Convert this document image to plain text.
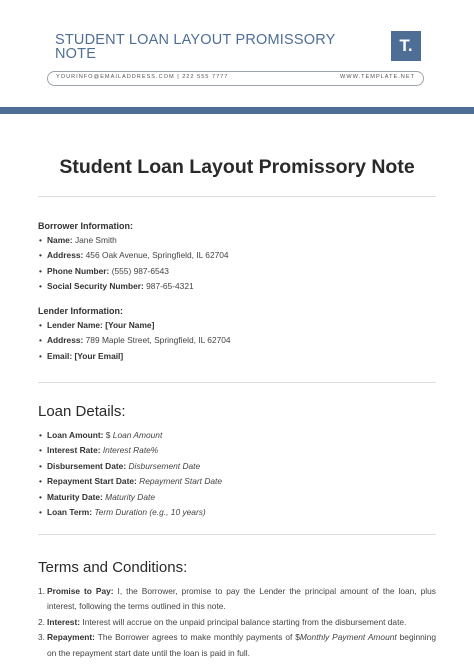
STUDENT LOAN LAYOUT PROMISSORY NOTE	T.
YOURINFO@EMAILADDRESS.COM | 222 555 7777	WWW.TEMPLATE.NET
Student Loan Layout Promissory Note
Borrower Information:
• Name: Jane Smith
• Address: 456 Oak Avenue, Springfield, IL 62704
• Phone Number: (555) 987-6543
• Social Security Number: 987-65-4321
Lender Information:
• Lender Name: [Your Name]
• Address: 789 Maple Street, Springfield, IL 62704
• Email: [Your Email]
Loan Details:
• Loan Amount: $ Loan Amount
• Interest Rate: Interest Rate%
• Disbursement Date: Disbursement Date
• Repayment Start Date: Repayment Start Date
• Maturity Date: Maturity Date
• Loan Term: Term Duration (e.g., 10 years)
Terms and Conditions:
1. Promise to Pay: I, the Borrower, promise to pay the Lender the principal amount of the loan, plus interest, following the terms outlined in this note.
2. Interest: Interest will accrue on the unpaid principal balance starting from the disbursement date.
3. Repayment: The Borrower agrees to make monthly payments of $Monthly Payment Amount beginning on the repayment start date until the loan is paid in full.
